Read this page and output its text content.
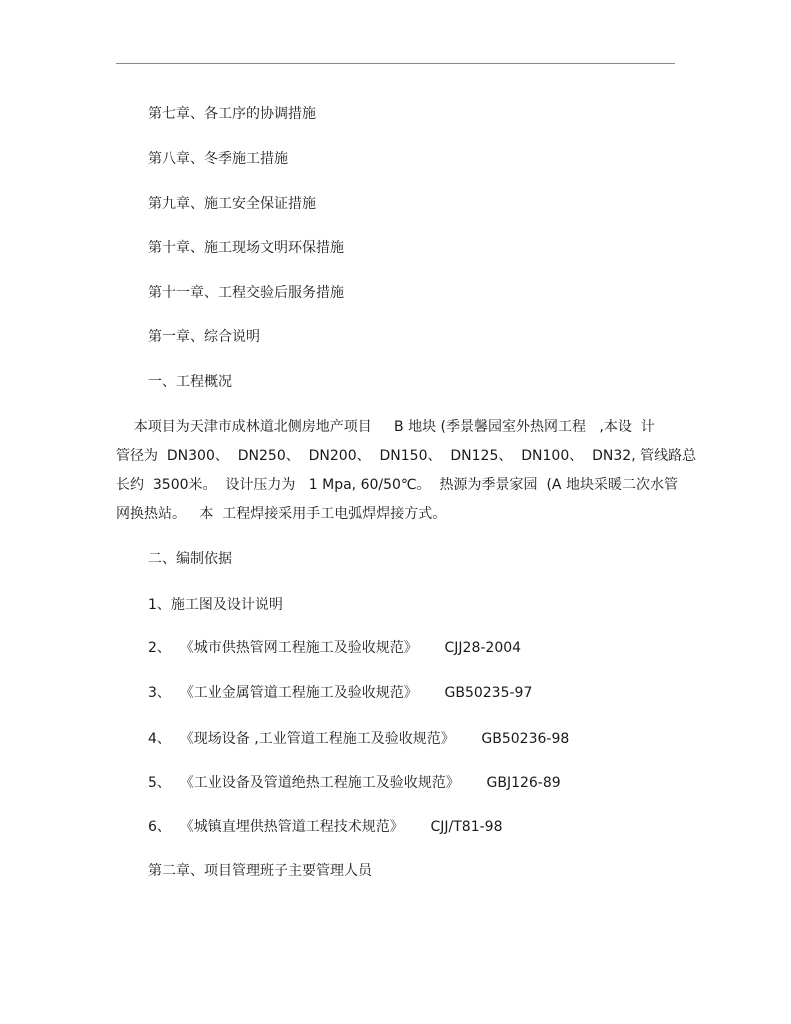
第七章、各工序的协调措施
第八章、冬季施工措施
第九章、施工安全保证措施
第十章、施工现场文明环保措施
第十一章、工程交验后服务措施
第一章、综合说明
一、工程概况
本项目为天津市成林道北侧房地产项目     B 地块 (季景馨园室外热网工程   ,本设  计
管径为  DN300、  DN250、  DN200、  DN150、  DN125、  DN100、  DN32, 管线路总
长约  3500米。  设计压力为   1 Mpa, 60/50℃。  热源为季景家园  (A 地块采暖二次水管
网换热站。   本  工程焊接采用手工电弧焊焊接方式。
二、编制依据
1、施工图及设计说明
2、  《城市供热管网工程施工及验收规范》      CJJ28-2004
3、  《工业金属管道工程施工及验收规范》      GB50235-97
4、  《现场设备 ,工业管道工程施工及验收规范》      GB50236-98
5、  《工业设备及管道绝热工程施工及验收规范》      GBJ126-89
6、  《城镇直埋供热管道工程技术规范》      CJJ/T81-98
第二章、项目管理班子主要管理人员
